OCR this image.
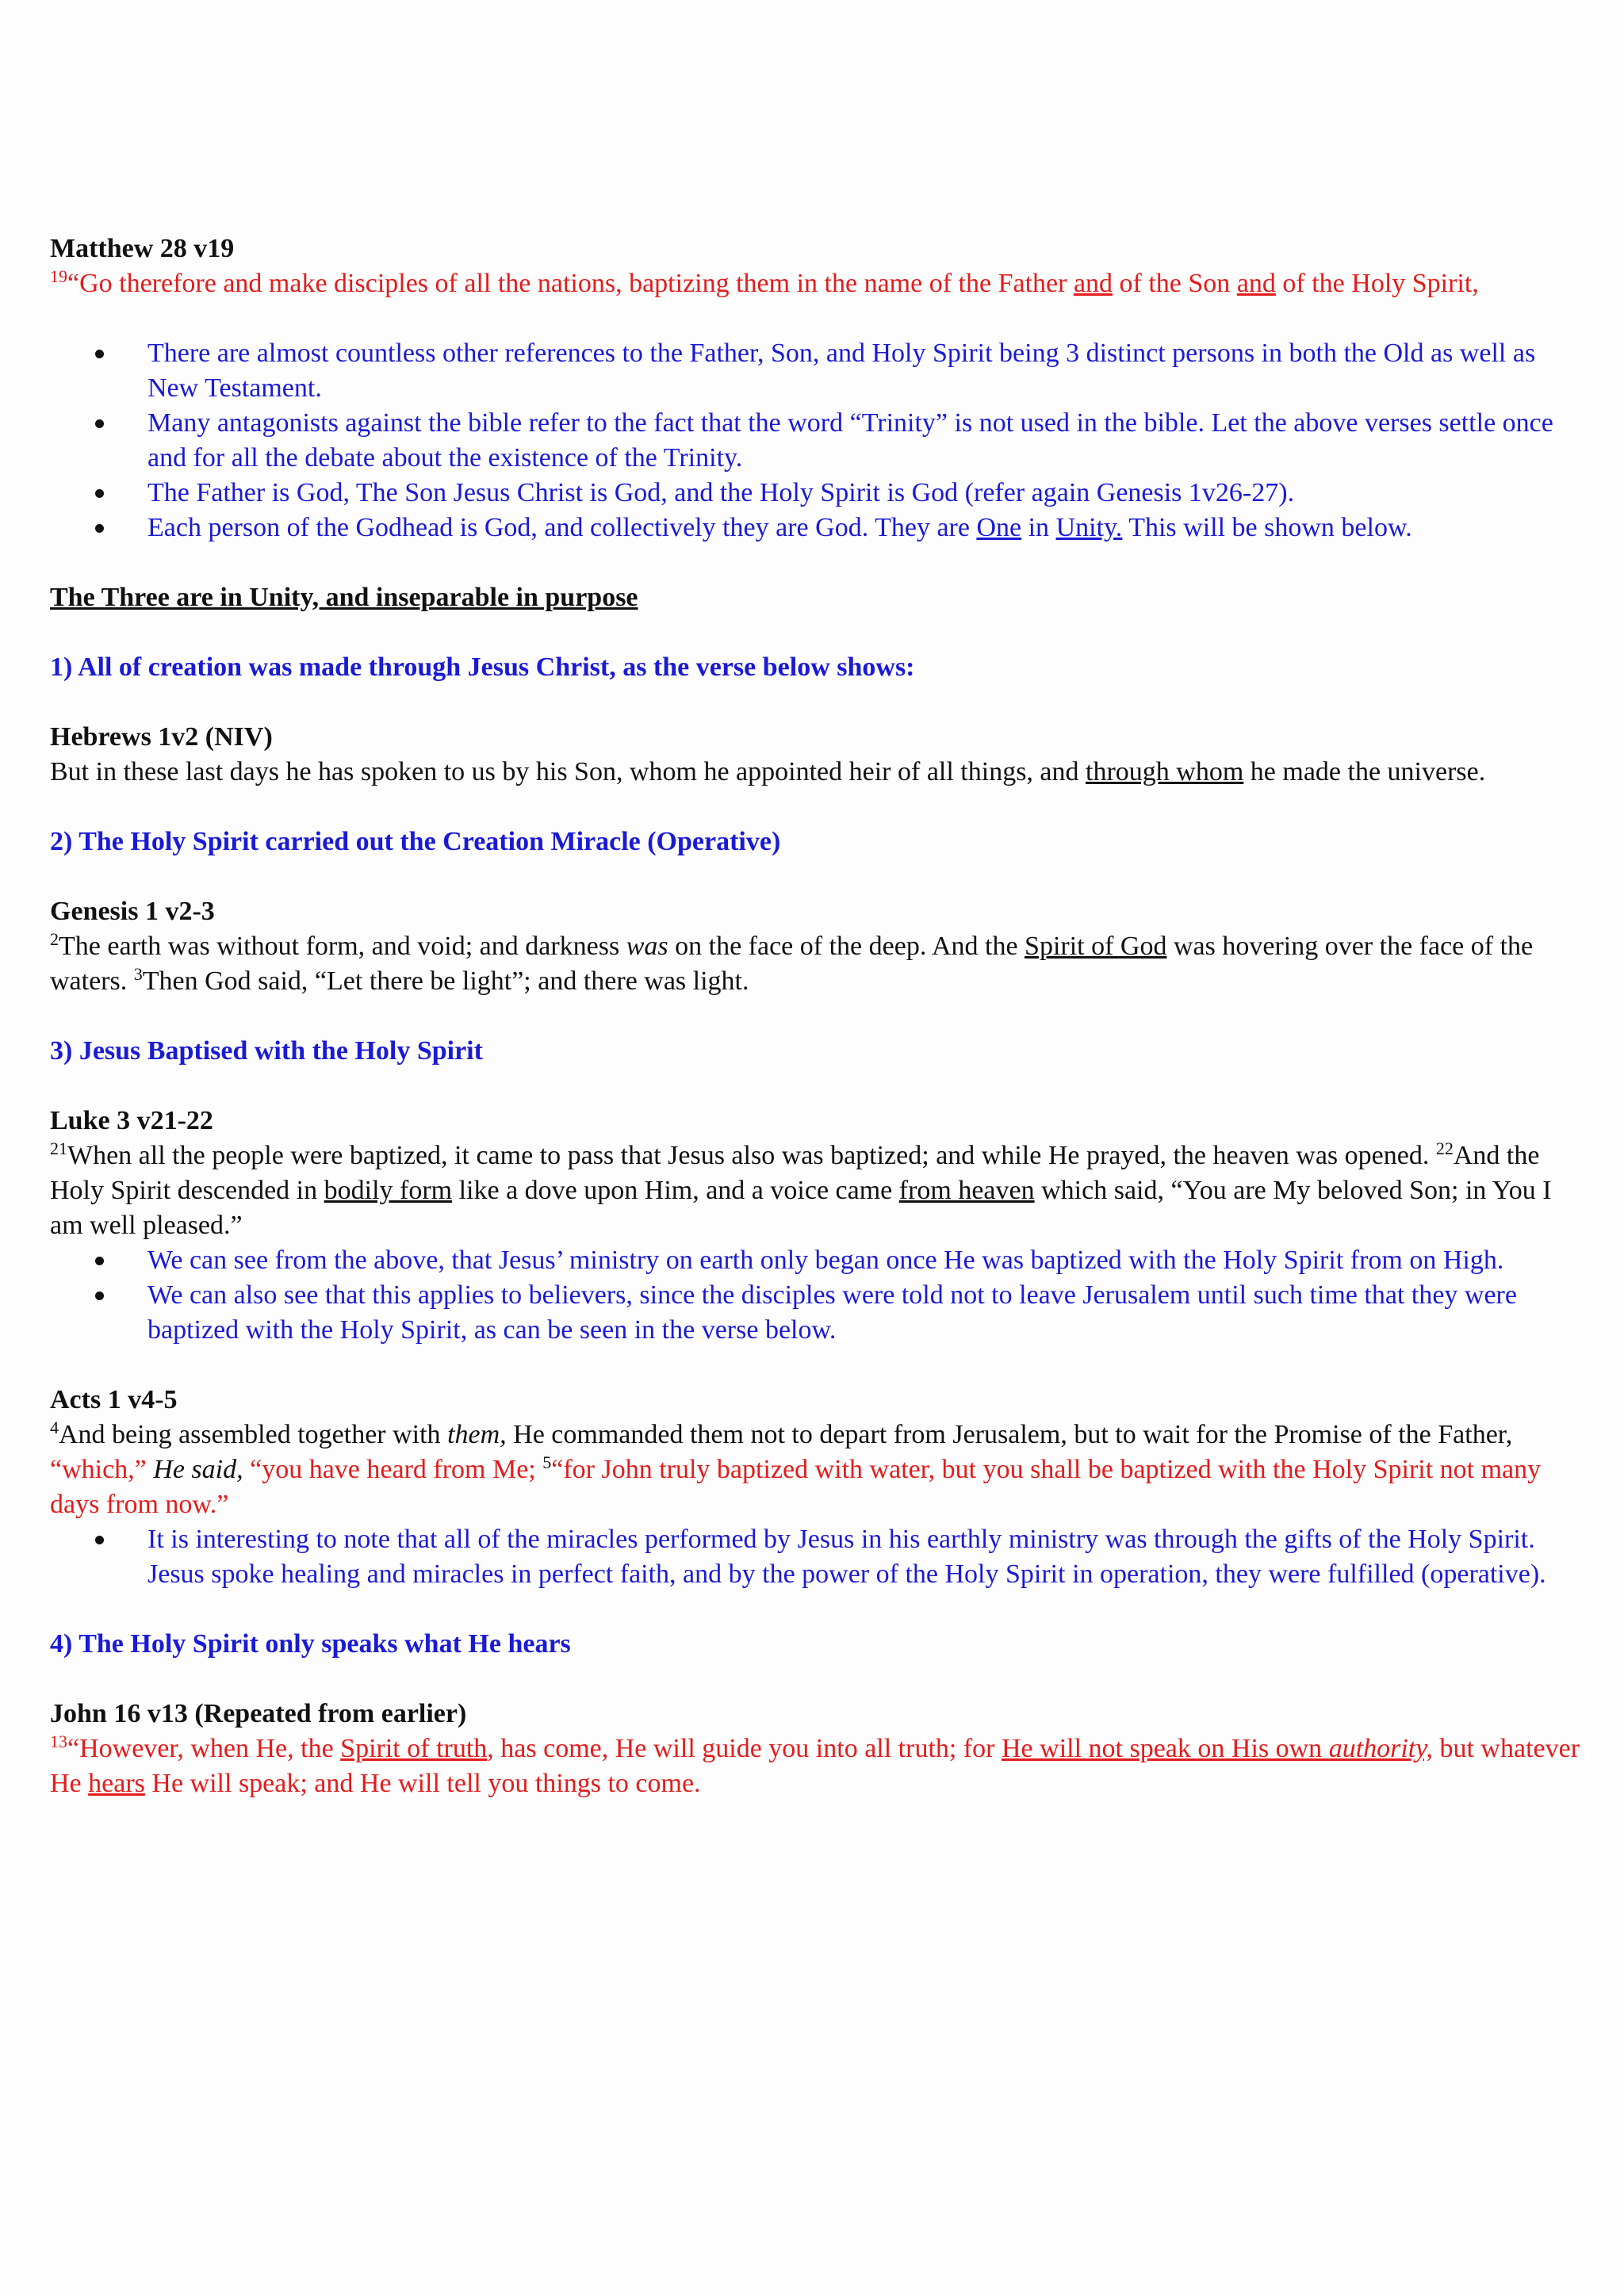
Matthew 28 v19

$^{19}$“Go therefore and make disciples of all the nations, baptizing them in the name of the Father and of the Son and of the Holy Spirit,

There are almost countless other references to the Father, Son, and Holy Spirit being 3 distinct persons in both the Old as well as New Testament.
Many antagonists against the bible refer to the fact that the word “Trinity” is not used in the bible. Let the above verses settle once and for all the debate about the existence of the Trinity.
The Father is God, The Son Jesus Christ is God, and the Holy Spirit is God (refer again Genesis 1v26-27).
Each person of the Godhead is God, and collectively they are God. They are One in Unity. This will be shown below.

The Three are in Unity, and inseparable in purpose

1) All of creation was made through Jesus Christ, as the verse below shows:

Hebrews 1v2 (NIV)

But in these last days he has spoken to us by his Son, whom he appointed heir of all things, and through whom he made the universe.

2) The Holy Spirit carried out the Creation Miracle (Operative)

Genesis 1 v2-3

$^2$The earth was without form, and void; and darkness was on the face of the deep. And the Spirit of God was hovering over the face of the waters. $^3$Then God said, “Let there be light”; and there was light.

3) Jesus Baptised with the Holy Spirit

Luke 3 v21-22

$^{21}$When all the people were baptized, it came to pass that Jesus also was baptized; and while He prayed, the heaven was opened. $^{22}$And the Holy Spirit descended in bodily form like a dove upon Him, and a voice came from heaven which said, “You are My beloved Son; in You I am well pleased.”

We can see from the above, that Jesus’ ministry on earth only began once He was baptized with the Holy Spirit from on High.
We can also see that this applies to believers, since the disciples were told not to leave Jerusalem until such time that they were baptized with the Holy Spirit, as can be seen in the verse below.

Acts 1 v4-5

$^4$And being assembled together with them, He commanded them not to depart from Jerusalem, but to wait for the Promise of the Father, “which,” He said, “you have heard from Me; $^5$“for John truly baptized with water, but you shall be baptized with the Holy Spirit not many days from now.”

It is interesting to note that all of the miracles performed by Jesus in his earthly ministry was through the gifts of the Holy Spirit. Jesus spoke healing and miracles in perfect faith, and by the power of the Holy Spirit in operation, they were fulfilled (operative).

4) The Holy Spirit only speaks what He hears

John 16 v13 (Repeated from earlier)

$^{13}$“However, when He, the Spirit of truth, has come, He will guide you into all truth; for He will not speak on His own authority, but whatever He hears He will speak; and He will tell you things to come.
